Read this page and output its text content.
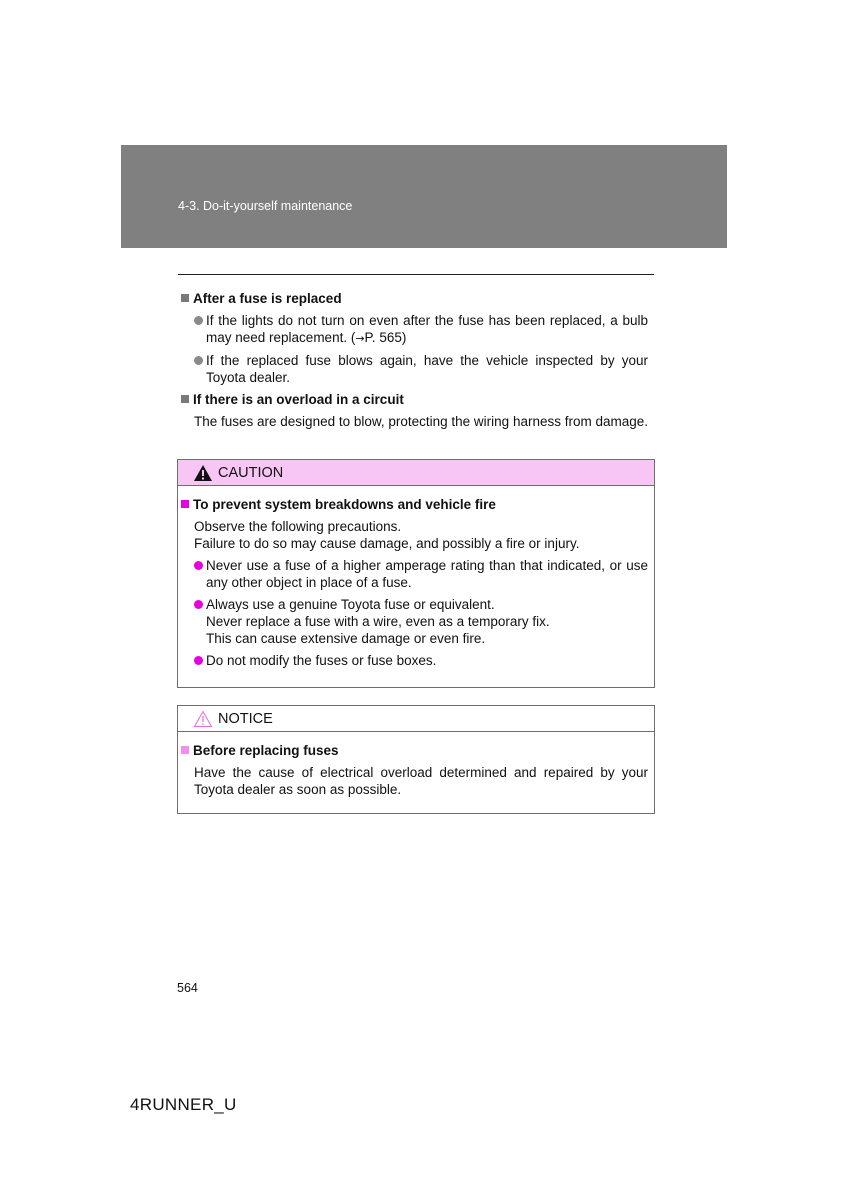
4-3. Do-it-yourself maintenance
After a fuse is replaced
If the lights do not turn on even after the fuse has been replaced, a bulb may need replacement. (→P. 565)
If the replaced fuse blows again, have the vehicle inspected by your Toyota dealer.
If there is an overload in a circuit
The fuses are designed to blow, protecting the wiring harness from damage.
CAUTION
To prevent system breakdowns and vehicle fire
Observe the following precautions.
Failure to do so may cause damage, and possibly a fire or injury.
Never use a fuse of a higher amperage rating than that indicated, or use any other object in place of a fuse.
Always use a genuine Toyota fuse or equivalent.
Never replace a fuse with a wire, even as a temporary fix.
This can cause extensive damage or even fire.
Do not modify the fuses or fuse boxes.
NOTICE
Before replacing fuses
Have the cause of electrical overload determined and repaired by your Toyota dealer as soon as possible.
564
4RUNNER_U
